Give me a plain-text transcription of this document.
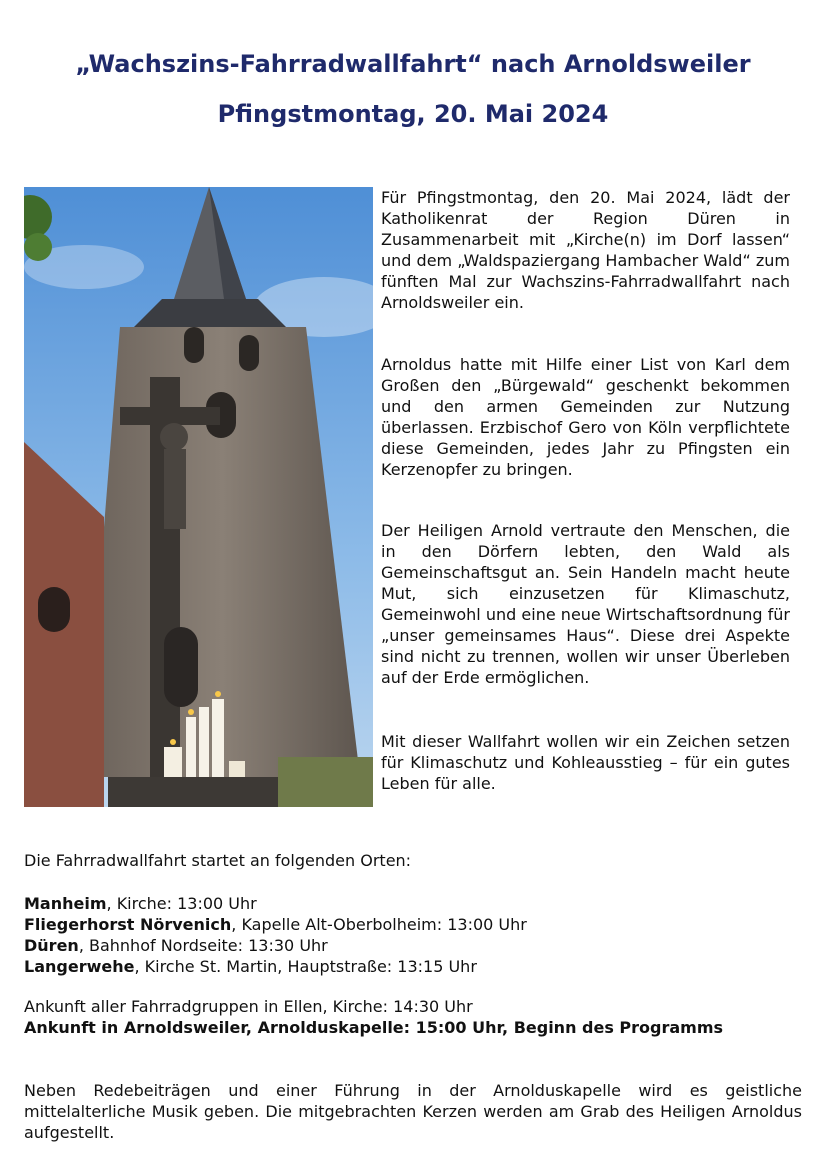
„Wachszins-Fahrradwallfahrt“ nach Arnoldsweiler
Pfingstmontag, 20. Mai 2024

Für Pfingstmontag, den 20. Mai 2024, lädt der Katholikenrat der Region Düren in Zusammenarbeit mit „Kirche(n) im Dorf lassen“ und dem „Waldspaziergang Hambacher Wald“ zum fünften Mal zur Wachszins-Fahrradwallfahrt nach Arnoldsweiler ein.

Arnoldus hatte mit Hilfe einer List von Karl dem Großen den „Bürgewald“ geschenkt bekommen und den armen Gemeinden zur Nutzung überlassen. Erzbischof Gero von Köln verpflichtete diese Gemeinden, jedes Jahr zu Pfingsten ein Kerzenopfer zu bringen.

Der Heiligen Arnold vertraute den Menschen, die in den Dörfern lebten, den Wald als Gemeinschaftsgut an. Sein Handeln macht heute Mut, sich einzusetzen für Klimaschutz, Gemeinwohl und eine neue Wirtschaftsordnung für „unser gemeinsames Haus“. Diese drei Aspekte sind nicht zu trennen, wollen wir unser Überleben auf der Erde ermöglichen.

Mit dieser Wallfahrt wollen wir ein Zeichen setzen für Klimaschutz und Kohleausstieg – für ein gutes Leben für alle.

Die Fahrradwallfahrt startet an folgenden Orten:

Manheim, Kirche: 13:00 Uhr

Fliegerhorst Nörvenich, Kapelle Alt-Oberbolheim: 13:00 Uhr

Düren, Bahnhof Nordseite: 13:30 Uhr

Langerwehe, Kirche St. Martin, Hauptstraße: 13:15 Uhr

Ankunft aller Fahrradgruppen in Ellen, Kirche: 14:30 Uhr

Ankunft in Arnoldsweiler, Arnolduskapelle: 15:00 Uhr, Beginn des Programms

Neben Redebeiträgen und einer Führung in der Arnolduskapelle wird es geistliche mittelalterliche Musik geben. Die mitgebrachten Kerzen werden am Grab des Heiligen Arnoldus aufgestellt.
